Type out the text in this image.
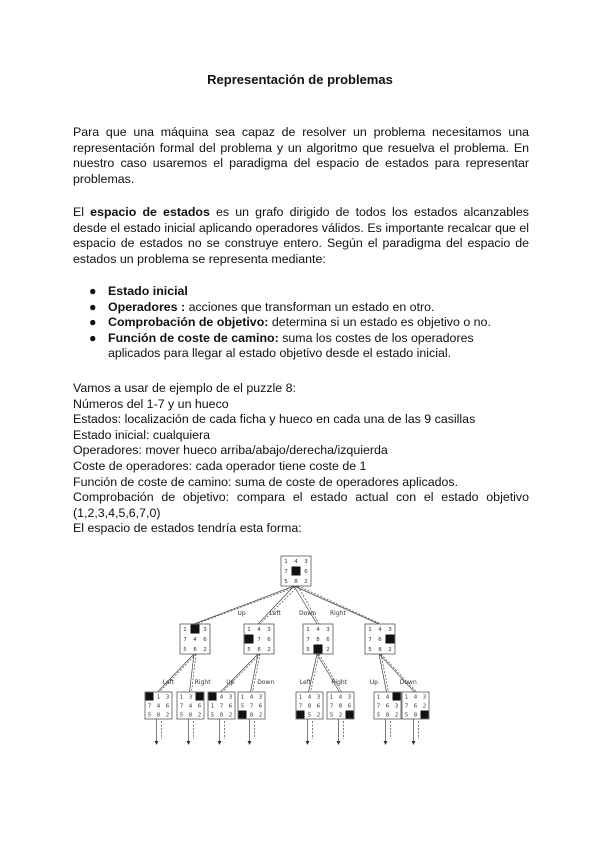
Representación de problemas
Para que una máquina sea capaz de resolver un problema necesitamos una representación formal del problema y un algoritmo que resuelva el problema. En nuestro caso usaremos el paradigma del espacio de estados para representar problemas.
El espacio de estados es un grafo dirigido de todos los estados alcanzables desde el estado inicial aplicando operadores válidos. Es importante recalcar que el espacio de estados no se construye entero. Según el paradigma del espacio de estados un problema se representa mediante:
● Estado inicial
● Operadores : acciones que transforman un estado en otro.
● Comprobación de objetivo: determina si un estado es objetivo o no.
● Función de coste de camino: suma los costes de los operadores aplicados para llegar al estado objetivo desde el estado inicial.
Vamos a usar de ejemplo de el puzzle 8:
Números del 1-7 y un hueco
Estados: localización de cada ficha y hueco en cada una de las 9 casillas
Estado inicial: cualquiera
Operadores: mover hueco arriba/abajo/derecha/izquierda
Coste de operadores: cada operador tiene coste de 1
Función de coste de camino: suma de coste de operadores aplicados.
Comprobación de objetivo: compara el estado actual con el estado objetivo (1,2,3,4,5,6,7,0)
El espacio de estados tendría esta forma:
1 4 3
7	6
5 8 2
Up
1	3
7 4 6
5 8 2
Left
1 4 3
7 6
5 8 2
Down
1 4 3
7 8 6
5	2
Right
1 4 3
7 6
5 8 2
Left
1 3
7 4 6
5 8 2
Right
1 3
7 4 6
5 8 2
Up
4 3
1 7 6
5 8 2
Down
1 4 3
5 7 6
8 2
Left
1 4 3
7 8 6
5 2
Right
1 4 3
7 8 6
5 2
Up
1 4
7 6 3
5 8 2
Down
1 4 3
7 6 2
5 8
